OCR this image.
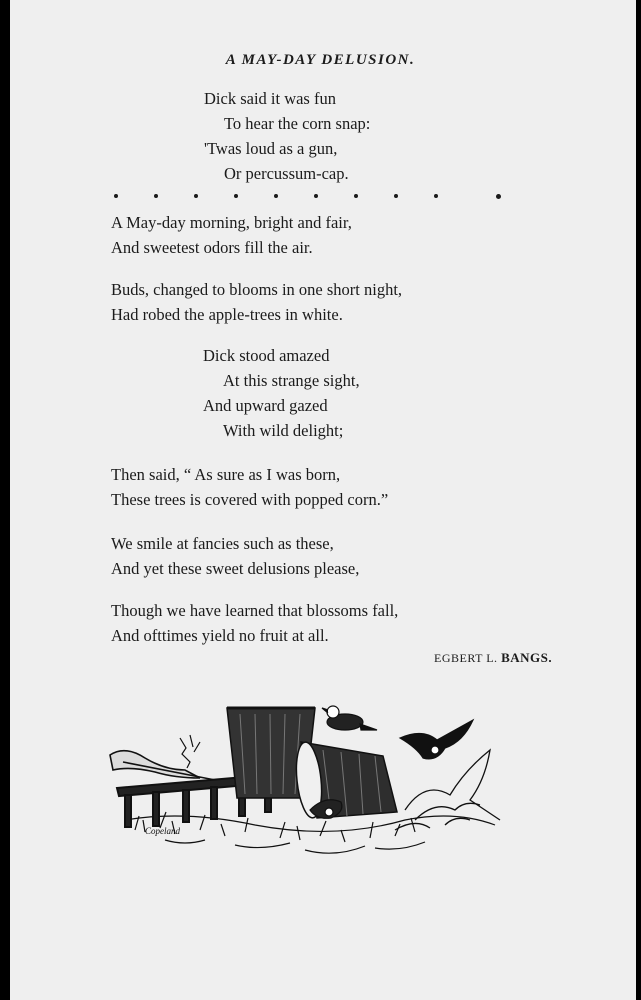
A MAY-DAY DELUSION.
Dick said it was fun
To hear the corn snap:
'Twas loud as a gun,
Or percussum-cap.
A May-day morning, bright and fair,
And sweetest odors fill the air.
Buds, changed to blooms in one short night,
Had robed the apple-trees in white.
Dick stood amazed
At this strange sight,
And upward gazed
With wild delight;
Then said, “ As sure as I was born,
These trees is covered with popped corn.”
We smile at fancies such as these,
And yet these sweet delusions please,
Though we have learned that blossoms fall,
And ofttimes yield no fruit at all.
EGBERT L. BANGS.
Copeland
